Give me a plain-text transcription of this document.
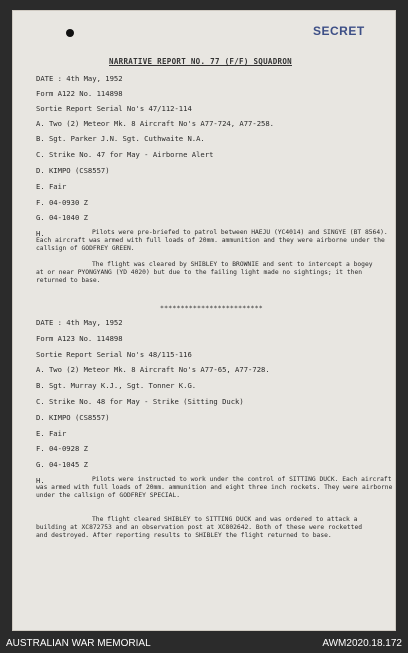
SECRET
NARRATIVE REPORT NO. 77 (F/F) SQUADRON
DATE : 4th May, 1952
Form A122 No. 114898
Sortie Report Serial No's 47/112-114
A. Two (2) Meteor Mk. 8 Aircraft No's A77-724, A77-258.
B. Sgt. Parker J.N. Sgt. Cuthwaite N.A.
C. Strike No. 47 for May - Airborne Alert
D. KIMPO (CS8557)
E. Fair
F. 04-0930 Z
G. 04-1040 Z
H.	Pilots were pre-briefed to patrol between HAEJU (YC4014) and SINGYE (BT 8564). Each aircraft was armed with full loads of 20mm. ammunition and they were airborne under the callsign of GODFREY GREEN.
The flight was cleared by SHIBLEY to BROWNIE and sent to intercept a bogey at or near PYONGYANG (YD 4020) but due to the failing light made no sightings; it then returned to base.
*************************
DATE : 4th May, 1952
Form A123 No. 114898
Sortie Report Serial No's 48/115-116
A. Two (2) Meteor Mk. 8 Aircraft No's A77-65, A77-728.
B. Sgt. Murray K.J., Sgt. Tonner K.G.
C. Strike No. 48 for May - Strike (Sitting Duck)
D. KIMPO (CS8557)
E. Fair
F. 04-0928 Z
G. 04-1045 Z
H.	Pilots were instructed to work under the control of SITTING DUCK. Each aircraft was armed with full loads of 20mm. ammunition and eight three inch rockets. They were airborne under the callsign of GODFREY SPECIAL.
The flight cleared SHIBLEY to SITTING DUCK and was ordered to attack a building at XC872753 and an observation post at XC802642. Both of these were rocketted and destroyed. After reporting results to SHIBLEY the flight returned to base.
AUSTRALIAN WAR MEMORIAL	AWM2020.18.172
